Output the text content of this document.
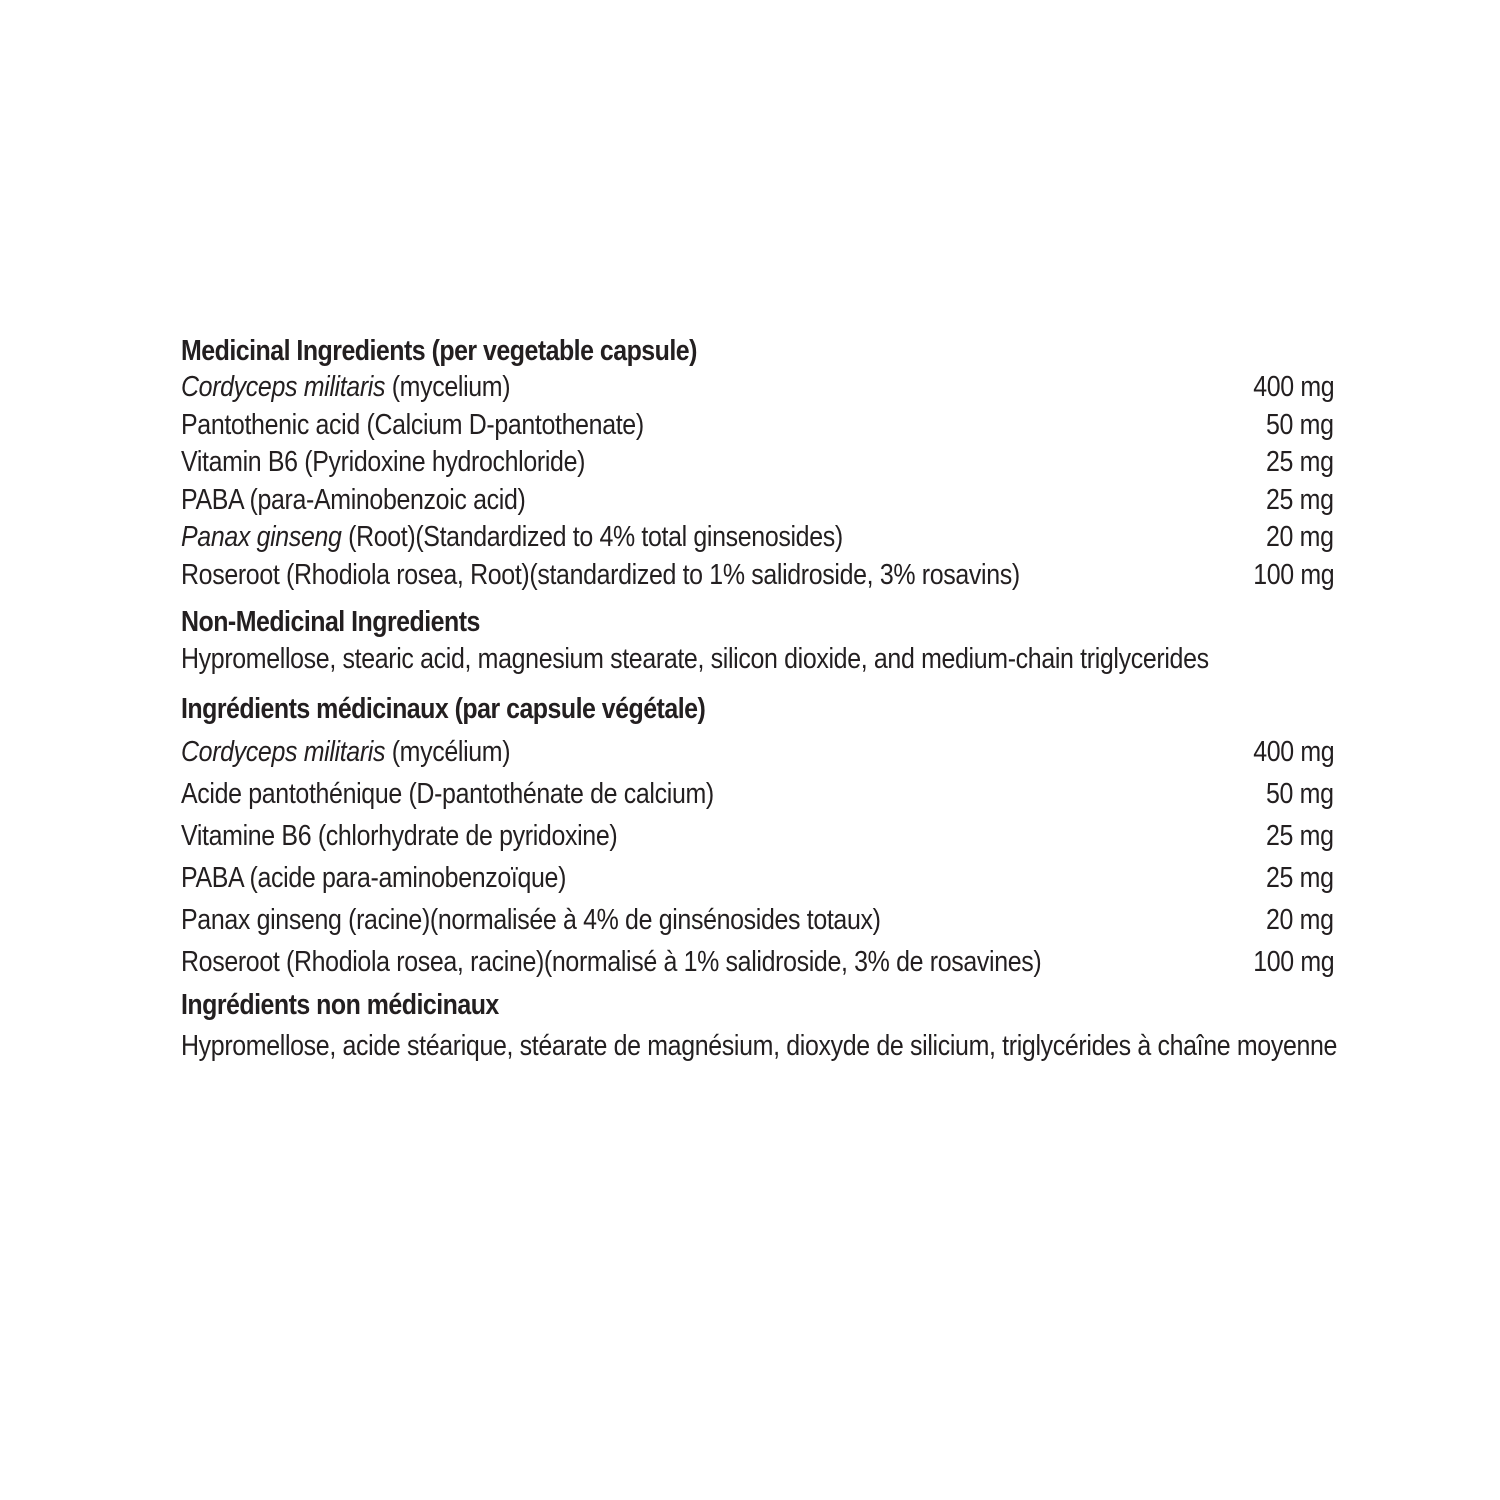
Medicinal Ingredients (per vegetable capsule)
Cordyceps militaris (mycelium)	400 mg
Pantothenic acid (Calcium D-pantothenate)	50 mg
Vitamin B6 (Pyridoxine hydrochloride)	25 mg
PABA (para-Aminobenzoic acid)	25 mg
Panax ginseng (Root)(Standardized to 4% total ginsenosides)	20 mg
Roseroot (Rhodiola rosea, Root)(standardized to 1% salidroside, 3% rosavins)	100 mg
Non-Medicinal Ingredients
Hypromellose, stearic acid, magnesium stearate, silicon dioxide, and medium-chain triglycerides
Ingrédients médicinaux (par capsule végétale)
Cordyceps militaris (mycélium)	400 mg
Acide pantothénique (D-pantothénate de calcium)	50 mg
Vitamine B6 (chlorhydrate de pyridoxine)	25 mg
PABA (acide para-aminobenzoïque)	25 mg
Panax ginseng (racine)(normalisée à 4% de ginsénosides totaux)	20 mg
Roseroot (Rhodiola rosea, racine)(normalisé à 1% salidroside, 3% de rosavines)	100 mg
Ingrédients non médicinaux
Hypromellose, acide stéarique, stéarate de magnésium, dioxyde de silicium, triglycérides à chaîne moyenne
